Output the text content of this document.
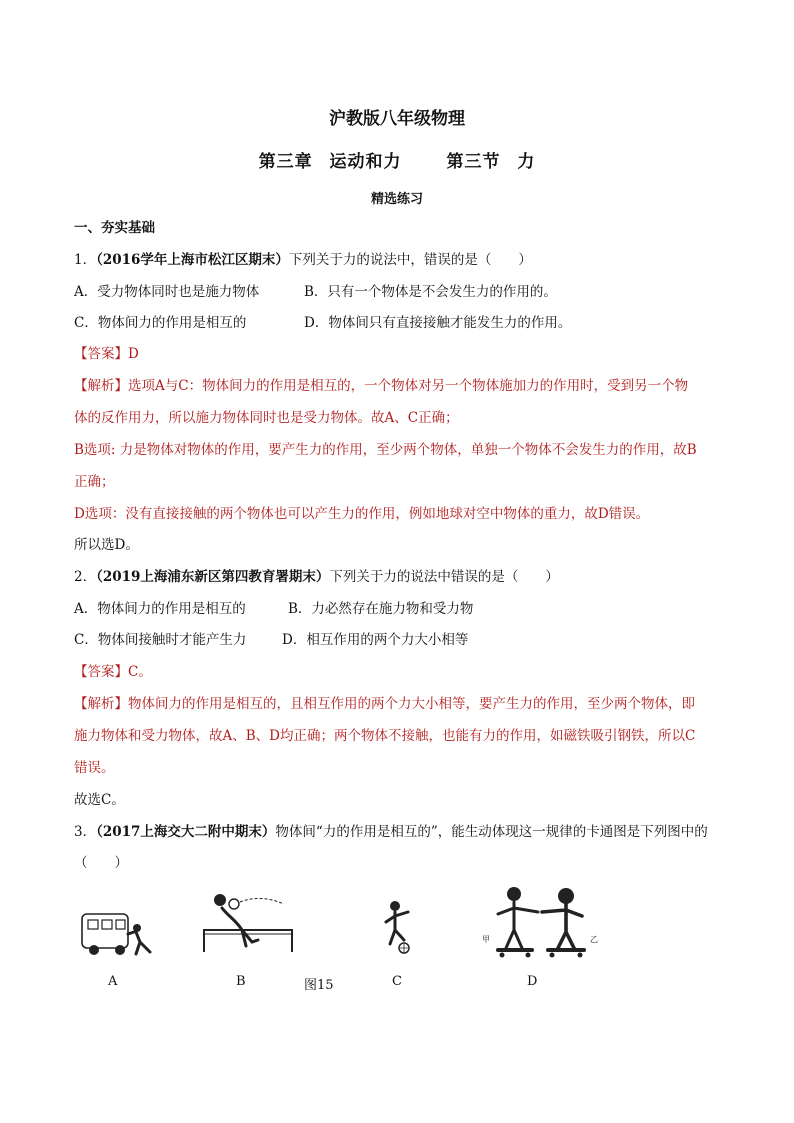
沪教版八年级物理
第三章 运动和力	第三节 力
精选练习
一、夯实基础
1．（2016学年上海市松江区期末）下列关于力的说法中，错误的是（　　）
A．受力物体同时也是施力物体	B．只有一个物体是不会发生力的作用的。
C．物体间力的作用是相互的	D．物体间只有直接接触才能发生力的作用。
【答案】D
【解析】选项A与C：物体间力的作用是相互的，一个物体对另一个物体施加力的作用时，受到另一个物
体的反作用力，所以施力物体同时也是受力物体。故A、C正确；
B选项: 力是物体对物体的作用，要产生力的作用，至少两个物体，单独一个物体不会发生力的作用，故B
正确；
D选项：没有直接接触的两个物体也可以产生力的作用，例如地球对空中物体的重力，故D错误。
所以选D。
2．（2019上海浦东新区第四教育署期末）下列关于力的说法中错误的是（　　）
A．物体间力的作用是相互的	B．力必然存在施力物和受力物
C．物体间接触时才能产生力	D．相互作用的两个力大小相等
【答案】C。
【解析】物体间力的作用是相互的，且相互作用的两个力大小相等，要产生力的作用，至少两个物体，即
施力物体和受力物体，故A、B、D均正确；两个物体不接触，也能有力的作用，如磁铁吸引钢铁，所以C
错误。
故选C。
3．（2017上海交大二附中期末）物体间“力的作用是相互的”，能生动体现这一规律的卡通图是下列图中的
（　　）
甲	乙
A	B	图15	C	D
